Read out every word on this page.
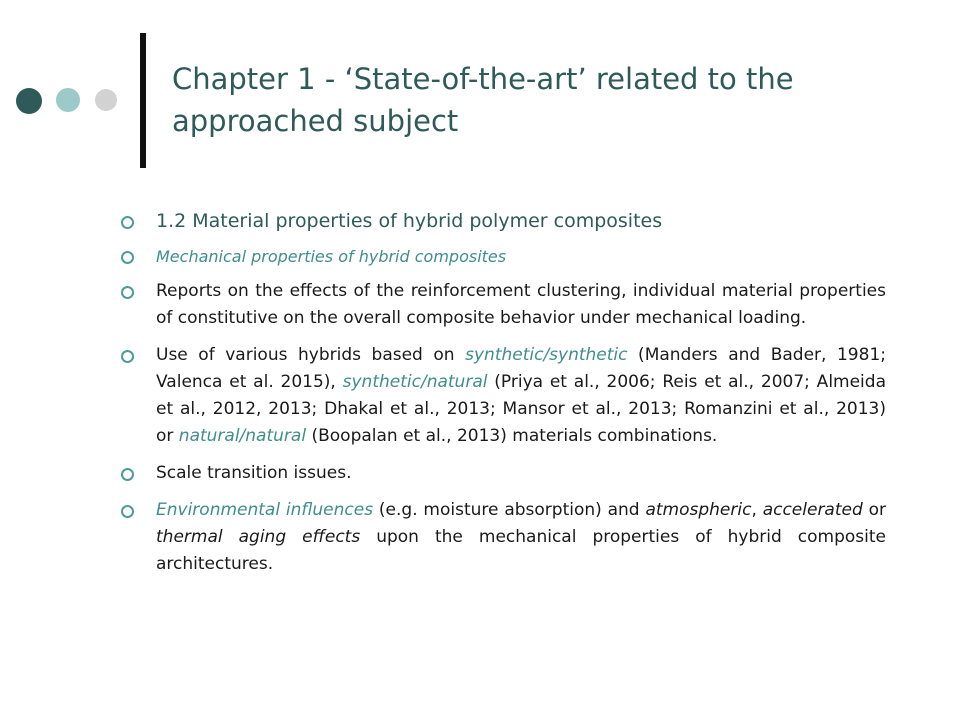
Chapter 1 - ‘State-of-the-art’ related to the approached subject
1.2 Material properties of hybrid polymer composites
Mechanical properties of hybrid composites
Reports on the effects of the reinforcement clustering, individual material properties of constitutive on the overall composite behavior under mechanical loading.
Use of various hybrids based on synthetic/synthetic (Manders and Bader, 1981; Valenca et al. 2015), synthetic/natural (Priya et al., 2006; Reis et al., 2007; Almeida et al., 2012, 2013; Dhakal et al., 2013; Mansor et al., 2013; Romanzini et al., 2013) or natural/natural (Boopalan et al., 2013) materials combinations.
Scale transition issues.
Environmental influences (e.g. moisture absorption) and atmospheric, accelerated or thermal aging effects upon the mechanical properties of hybrid composite architectures.
